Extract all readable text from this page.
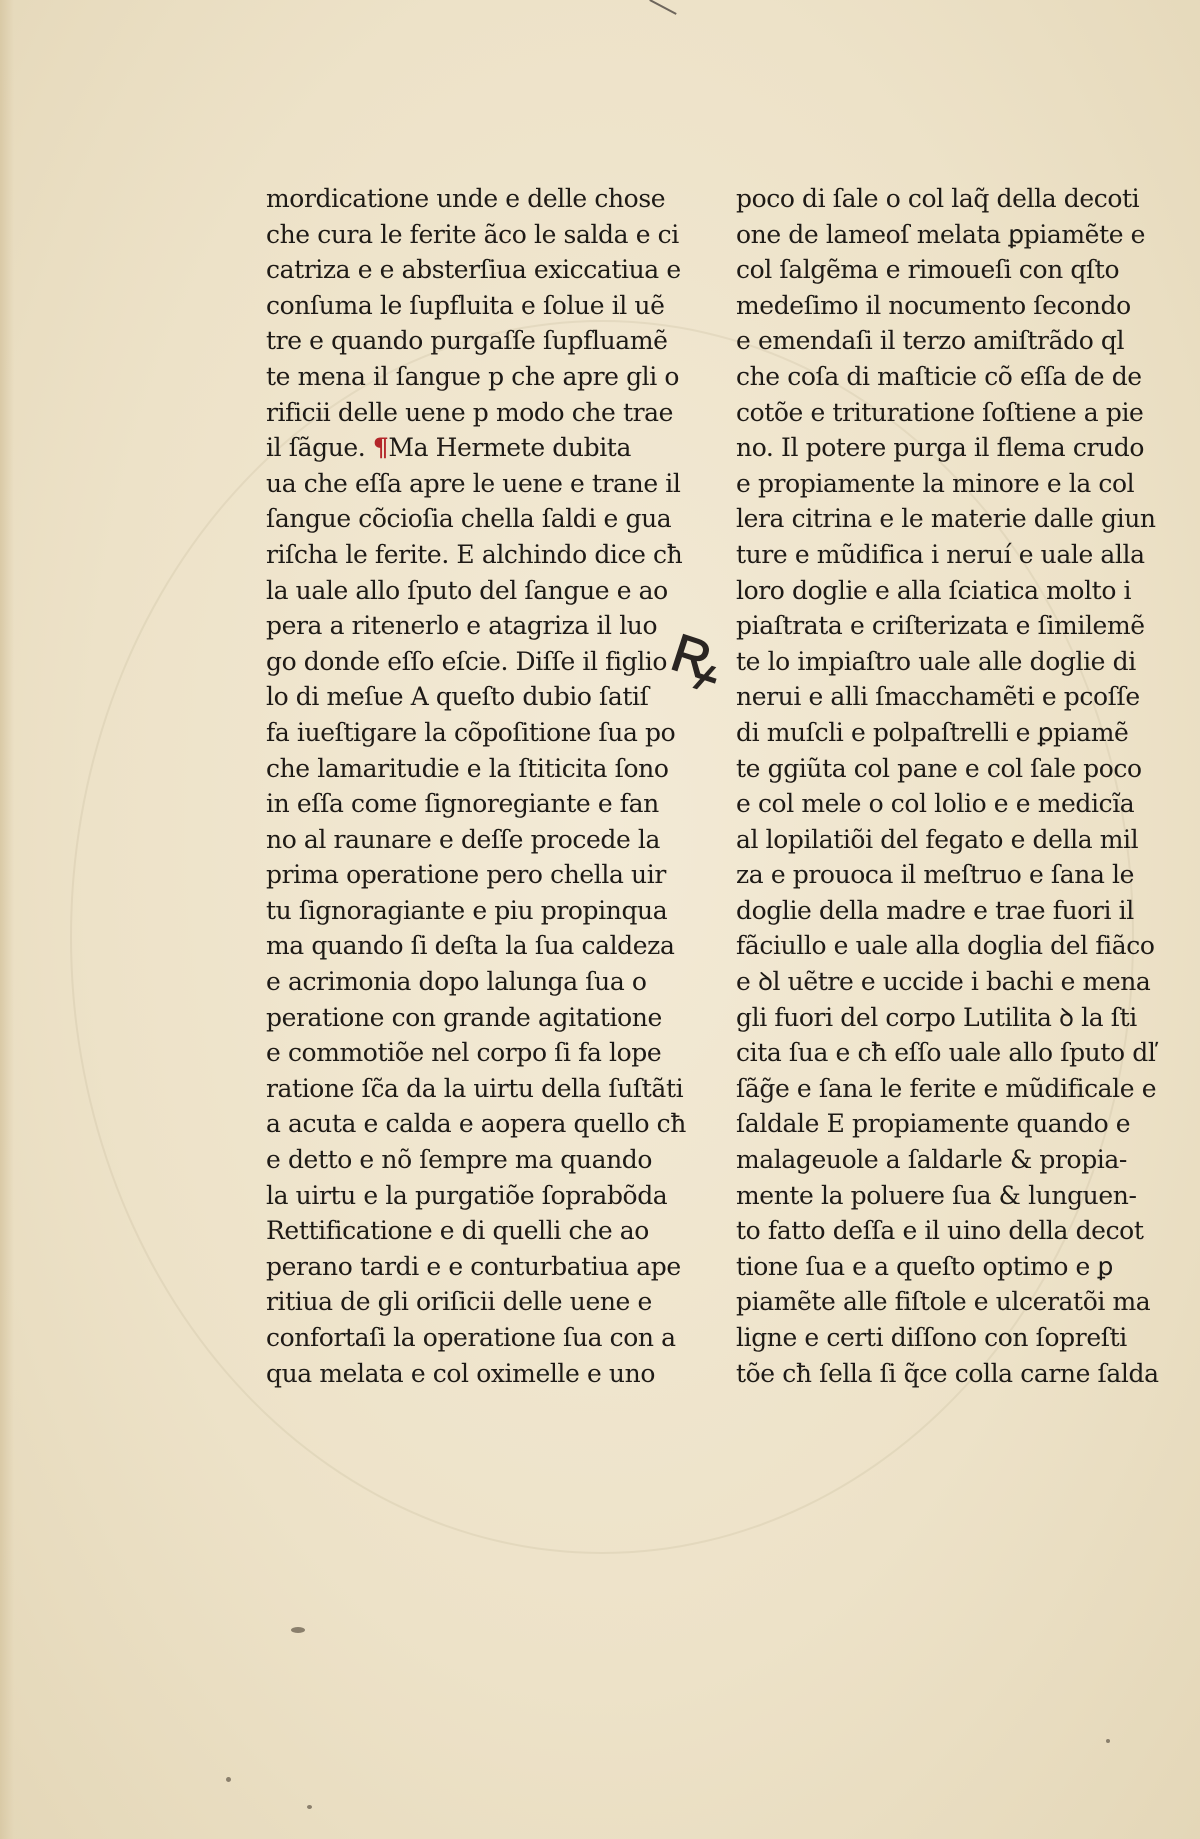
mordicatione unde e delle chose
che cura le ferite ãco le salda e ci
catriza e e absterſiua exiccatiua e
conſuma le ſupfluita e ſolue il uẽ
tre e quando purgaſſe ſupfluamẽ
te mena il ſangue p che apre gli o
rificii delle uene p modo che trae
il ſãgue. ¶Ma Hermete dubita
ua che eſſa apre le uene e trane il
ſangue cõcioſia chella ſaldi e gua
riſcha le ferite. E alchindo dice cħ
la uale allo ſputo del ſangue e ao
pera a ritenerlo e atagriza il luo
go donde eſſo eſcie. Diſſe il figlio
lo di meſue A queſto dubio ſatiſ
fa iueſtigare la cõpoſitione ſua po
che lamaritudie e la ſtiticita ſono
in eſſa come ſignoregiante e fan
no al raunare e deſſe procede la
prima operatione pero chella uir
tu ſignoragiante e piu propinqua
ma quando ſi deſta la ſua caldeza
e acrimonia dopo lalunga ſua o
peratione con grande agitatione
e commotiõe nel corpo ſi fa lope
ratione ſc̃a da la uirtu della ſuſtãti
a acuta e calda e aopera quello cħ
e detto e nõ ſempre ma quando
la uirtu e la purgatiõe ſoprabõda
Rettificatione e di quelli che ao
perano tardi e e conturbatiua ape
ritiua de gli oriſicii delle uene e
confortaſi la operatione ſua con a
qua melata e col oximelle e uno
poco di ſale o col laq̃ della decoti
one de lameoſ melata ꝑpiamẽte e
col ſalgẽma e rimoueſi con qſto
medeſimo il nocumento ſecondo
e emendaſi il terzo amiſtrãdo ql
che coſa di maſticie cõ eſſa de de
cotõe e triturationе ſoſtiene a pie
no. Il potere purga il flema crudo
e propiamente la minore e la col
lera citrina e le materie dalle giun
ture e mũdifica i neruí e uale alla
loro doglie e alla ſciatica molto i
piaſtrata e criſterizata e ſimilemẽ
te lo impiaſtro uale alle doglie di
nerui e alli ſmacchamẽti e pcoſſe
di muſcli e polpaſtrelli e ꝑpiamẽ
te ggiũta col pane e col ſale poco
e col mele o col lolio e e medicĩa
al lopilatiõi del fegato e della mil
za e prouoca il meſtruo e ſana le
doglie della madre e trae fuori il
fãciullo e uale alla doglia del fiãco
e ꝺl uẽtre e uccide i bachi e mena
gli fuori del corpo Lutilita ꝺ la ſti
cita ſua e cħ eſſo uale allo ſputo dľ
ſãg̃e e ſana le ferite e mũdificale e
ſaldale E propiamente quando e
malageuole a ſaldarle & propia-
mente la poluere ſua & lunguen-
to fatto deſſa e il uino della decot
tione ſua e a queſto optimo e ꝑ
piamẽte alle fiſtole e ulceratõi ma
ligne e certi diſſono con ſopreſti
tõe cħ ſella ſi q̃ce colla carne ſalda
ꝶ
